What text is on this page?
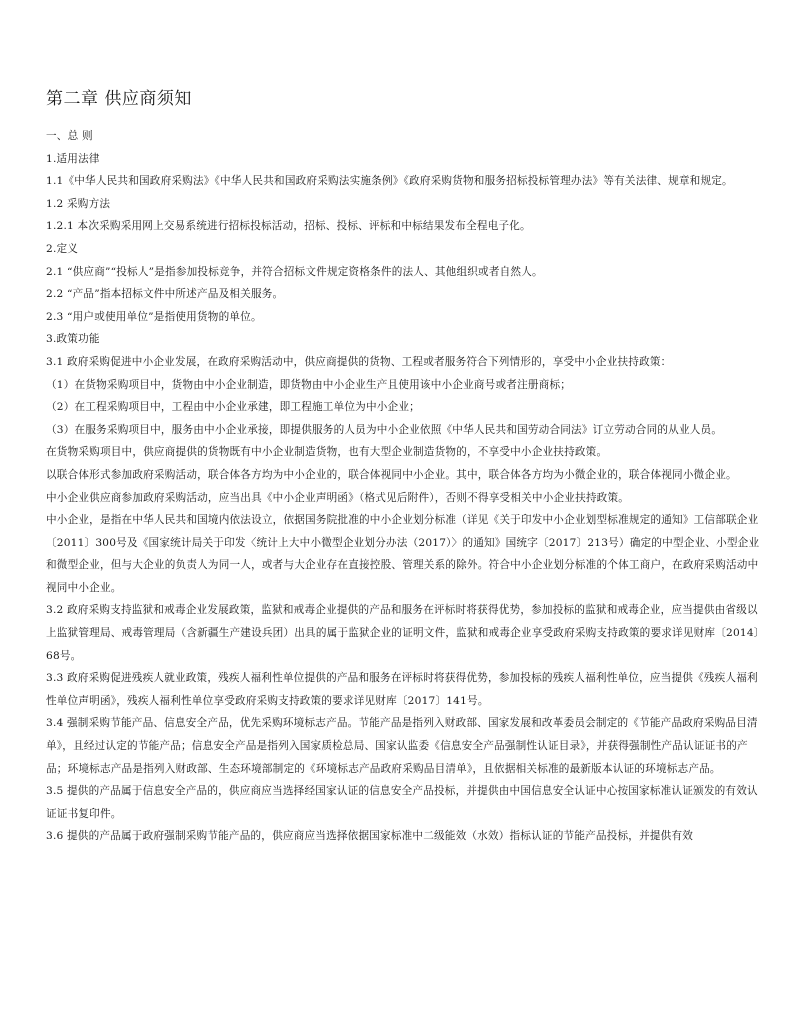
第二章 供应商须知

一、总 则

1.适用法律

1.1《中华人民共和国政府采购法》《中华人民共和国政府采购法实施条例》《政府采购货物和服务招标投标管理办法》等有关法律、规章和规定。

1.2 采购方法

1.2.1 本次采购采用网上交易系统进行招标投标活动，招标、投标、评标和中标结果发布全程电子化。

2.定义

2.1 “供应商”“投标人”是指参加投标竞争，并符合招标文件规定资格条件的法人、其他组织或者自然人。

2.2 “产品”指本招标文件中所述产品及相关服务。

2.3 “用户或使用单位”是指使用货物的单位。

3.政策功能

3.1 政府采购促进中小企业发展，在政府采购活动中，供应商提供的货物、工程或者服务符合下列情形的，享受中小企业扶持政策：

（1）在货物采购项目中，货物由中小企业制造，即货物由中小企业生产且使用该中小企业商号或者注册商标；

（2）在工程采购项目中，工程由中小企业承建，即工程施工单位为中小企业；

（3）在服务采购项目中，服务由中小企业承接，即提供服务的人员为中小企业依照《中华人民共和国劳动合同法》订立劳动合同的从业人员。

在货物采购项目中，供应商提供的货物既有中小企业制造货物，也有大型企业制造货物的，不享受中小企业扶持政策。

以联合体形式参加政府采购活动，联合体各方均为中小企业的，联合体视同中小企业。其中，联合体各方均为小微企业的，联合体视同小微企业。

中小企业供应商参加政府采购活动，应当出具《中小企业声明函》（格式见后附件），否则不得享受相关中小企业扶持政策。

中小企业，是指在中华人民共和国境内依法设立，依据国务院批准的中小企业划分标准（详见《关于印发中小企业划型标准规定的通知》工信部联企业〔2011〕300号及《国家统计局关于印发〈统计上大中小微型企业划分办法（2017）〉的通知》国统字〔2017〕213号）确定的中型企业、小型企业和微型企业，但与大企业的负责人为同一人，或者与大企业存在直接控股、管理关系的除外。符合中小企业划分标准的个体工商户，在政府采购活动中视同中小企业。

3.2 政府采购支持监狱和戒毒企业发展政策，监狱和戒毒企业提供的产品和服务在评标时将获得优势，参加投标的监狱和戒毒企业，应当提供由省级以上监狱管理局、戒毒管理局（含新疆生产建设兵团）出具的属于监狱企业的证明文件，监狱和戒毒企业享受政府采购支持政策的要求详见财库〔2014〕68号。

3.3 政府采购促进残疾人就业政策，残疾人福利性单位提供的产品和服务在评标时将获得优势，参加投标的残疾人福利性单位，应当提供《残疾人福利性单位声明函》，残疾人福利性单位享受政府采购支持政策的要求详见财库〔2017〕141号。

3.4 强制采购节能产品、信息安全产品，优先采购环境标志产品。节能产品是指列入财政部、国家发展和改革委员会制定的《节能产品政府采购品目清单》，且经过认定的节能产品；信息安全产品是指列入国家质检总局、国家认监委《信息安全产品强制性认证目录》，并获得强制性产品认证证书的产品；环境标志产品是指列入财政部、生态环境部制定的《环境标志产品政府采购品目清单》，且依据相关标准的最新版本认证的环境标志产品。

3.5 提供的产品属于信息安全产品的，供应商应当选择经国家认证的信息安全产品投标，并提供由中国信息安全认证中心按国家标准认证颁发的有效认证证书复印件。

3.6 提供的产品属于政府强制采购节能产品的，供应商应当选择依据国家标准中二级能效（水效）指标认证的节能产品投标，并提供有效
